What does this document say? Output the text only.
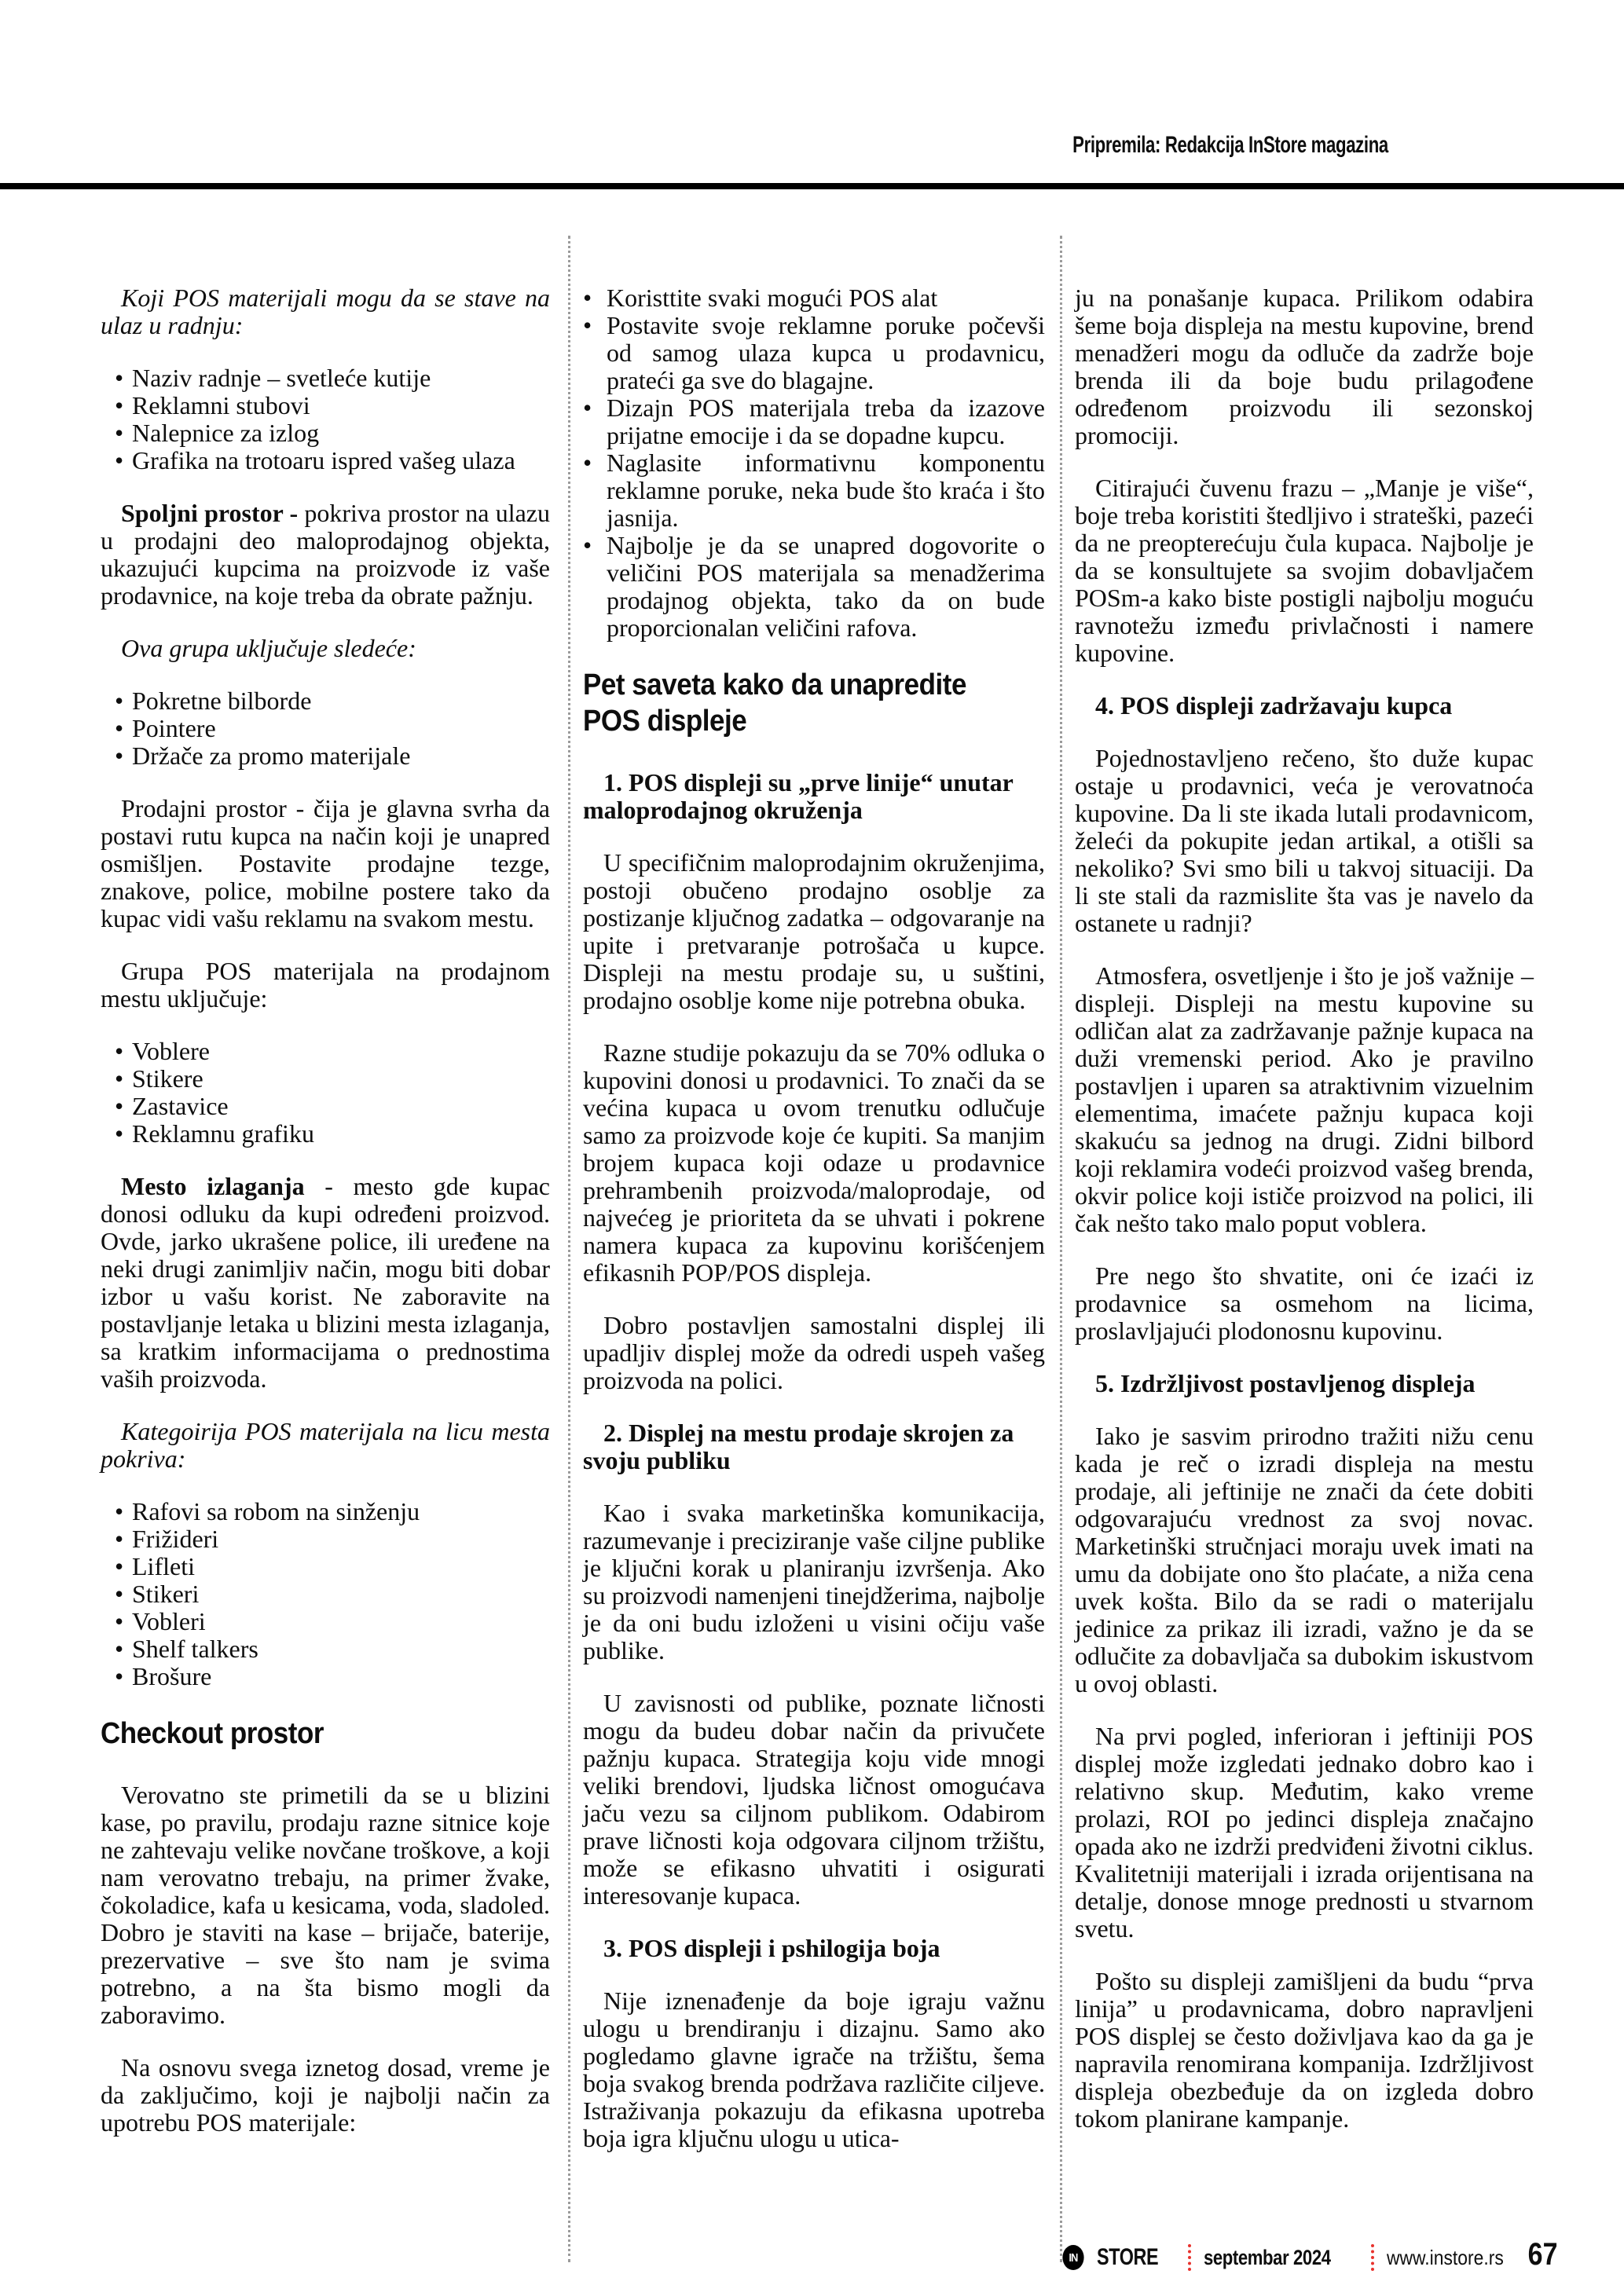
Pripremila: Redakcija InStore magazina

Koji POS materijali mogu da se stave na ulaz u radnju:

• Naziv radnje – svetleće kutije
• Reklamni stubovi
• Nalepnice za izlog
• Grafika na trotoaru ispred vašeg ulaza

Spoljni prostor - pokriva prostor na ulazu u prodajni deo maloprodajnog objekta, ukazujući kupcima na proizvode iz vaše prodavnice, na koje treba da obrate pažnju.

Ova grupa uključuje sledeće:

• Pokretne bilborde
• Pointere
• Držače za promo materijale

Prodajni prostor - čija je glavna svrha da postavi rutu kupca na način koji je unapred osmišljen. Postavite prodajne tezge, znakove, police, mobilne postere tako da kupac vidi vašu reklamu na svakom mestu.

Grupa POS materijala na prodajnom mestu uključuje:

• Voblere
• Stikere
• Zastavice
• Reklamnu grafiku

Mesto izlaganja - mesto gde kupac donosi odluku da kupi određeni proizvod. Ovde, jarko ukrašene police, ili uređene na neki drugi zanimljiv način, mogu biti dobar izbor u vašu korist. Ne zaboravite na postavljanje letaka u blizini mesta izlaganja, sa kratkim informacijama o prednostima vaših proizvoda.

Kategoirija POS materijala na licu mesta pokriva:

• Rafovi sa robom na sinženju
• Frižideri
• Lifleti
• Stikeri
• Vobleri
• Shelf talkers
• Brošure
Checkout prostor

Verovatno ste primetili da se u blizini kase, po pravilu, prodaju razne sitnice koje ne zahtevaju velike novčane troškove, a koji nam verovatno trebaju, na primer žvake, čokoladice, kafa u kesicama, voda, sladoled. Dobro je staviti na kase – brijače, baterije, prezervative – sve što nam je svima potrebno, a na šta bismo mogli da zaboravimo.

Na osnovu svega iznetog dosad, vreme je da zaključimo, koji je najbolji način za upotrebu POS materijale:

• Koristtite svaki mogući POS alat
• Postavite svoje reklamne poruke počevši od samog ulaza kupca u prodavnicu, prateći ga sve do blagajne.
• Dizajn POS materijala treba da izazove prijatne emocije i da se dopadne kupcu.
• Naglasite informativnu komponentu reklamne poruke, neka bude što kraća i što jasnija.
• Najbolje je da se unapred dogovorite o veličini POS materijala sa menadžerima prodajnog objekta, tako da on bude proporcionalan veličini rafova.
Pet saveta kako da unapredite POS displeje

1. POS displeji su „prve linije“ unutar maloprodajnog okruženja

U specifičnim maloprodajnim okruženjima, postoji obučeno prodajno osoblje za postizanje ključnog zadatka – odgovaranje na upite i pretvaranje potrošača u kupce. Displeji na mestu prodaje su, u suštini, prodajno osoblje kome nije potrebna obuka.

Razne studije pokazuju da se 70% odluka o kupovini donosi u prodavnici. To znači da se većina kupaca u ovom trenutku odlučuje samo za proizvode koje će kupiti. Sa manjim brojem kupaca koji odaze u prodavnice prehrambenih proizvoda/maloprodaje, od najvećeg je prioriteta da se uhvati i pokrene namera kupaca za kupovinu korišćenjem efikasnih POP/POS displeja.

Dobro postavljen samostalni displej ili upadljiv displej može da odredi uspeh vašeg proizvoda na polici.

2. Displej na mestu prodaje skrojen za svoju publiku

Kao i svaka marketinška komunikacija, razumevanje i preciziranje vaše ciljne publike je ključni korak u planiranju izvršenja. Ako su proizvodi namenjeni tinejdžerima, najbolje je da oni budu izloženi u visini očiju vaše publike.

U zavisnosti od publike, poznate ličnosti mogu da budeu dobar način da privučete pažnju kupaca. Strategija koju vide mnogi veliki brendovi, ljudska ličnost omogućava jaču vezu sa ciljnom publikom. Odabirom prave ličnosti koja odgovara ciljnom tržištu, može se efikasno uhvatiti i osigurati interesovanje kupaca.

3. POS displeji i pshilogija boja

Nije iznenađenje da boje igraju važnu ulogu u brendiranju i dizajnu. Samo ako pogledamo glavne igrače na tržištu, šema boja svakog brenda podržava različite ciljeve. Istraživanja pokazuju da efikasna upotreba boja igra ključnu ulogu u utica-

ju na ponašanje kupaca. Prilikom odabira šeme boja displeja na mestu kupovine, brend menadžeri mogu da odluče da zadrže boje brenda ili da boje budu prilagođene određenom proizvodu ili sezonskoj promociji.

Citirajući čuvenu frazu – „Manje je više“, boje treba koristiti štedljivo i strateški, pazeći da ne preopterećuju čula kupaca. Najbolje je da se konsultujete sa svojim dobavljačem POSm-a kako biste postigli najbolju moguću ravnotežu između privlačnosti i namere kupovine.

4. POS displeji zadržavaju kupca

Pojednostavljeno rečeno, što duže kupac ostaje u prodavnici, veća je verovatnoća kupovine. Da li ste ikada lutali prodavnicom, želeći da pokupite jedan artikal, a otišli sa nekoliko? Svi smo bili u takvoj situaciji. Da li ste stali da razmislite šta vas je navelo da ostanete u radnji?

Atmosfera, osvetljenje i što je još važnije – displeji. Displeji na mestu kupovine su odličan alat za zadržavanje pažnje kupaca na duži vremenski period. Ako je pravilno postavljen i uparen sa atraktivnim vizuelnim elementima, imaćete pažnju kupaca koji skakuću sa jednog na drugi. Zidni bilbord koji reklamira vodeći proizvod vašeg brenda, okvir police koji ističe proizvod na polici, ili čak nešto tako malo poput voblera.

Pre nego što shvatite, oni će izaći iz prodavnice sa osmehom na licima, proslavljajući plodonosnu kupovinu.

5. Izdržljivost postavljenog displeja

Iako je sasvim prirodno tražiti nižu cenu kada je reč o izradi displeja na mestu prodaje, ali jeftinije ne znači da ćete dobiti odgovarajuću vrednost za svoj novac. Marketinški stručnjaci moraju uvek imati na umu da dobijate ono što plaćate, a niža cena uvek košta. Bilo da se radi o materijalu jedinice za prikaz ili izradi, važno je da se odlučite za dobavljača sa dubokim iskustvom u ovoj oblasti.

Na prvi pogled, inferioran i jeftiniji POS displej može izgledati jednako dobro kao i relativno skup. Međutim, kako vreme prolazi, ROI po jedinci displeja značajno opada ako ne izdrži predviđeni životni ciklus. Kvalitetniji materijali i izrada orijentisana na detalje, donose mnoge prednosti u stvarnom svetu.

Pošto su displeji zamišljeni da budu “prva linija” u prodavnicama, dobro napravljeni POS displej se često doživljava kao da ga je napravila renomirana kompanija. Izdržljivost displeja obezbeđuje da on izgleda dobro tokom planirane kampanje.

IN STORE septembar 2024	www.instore.rs 67
